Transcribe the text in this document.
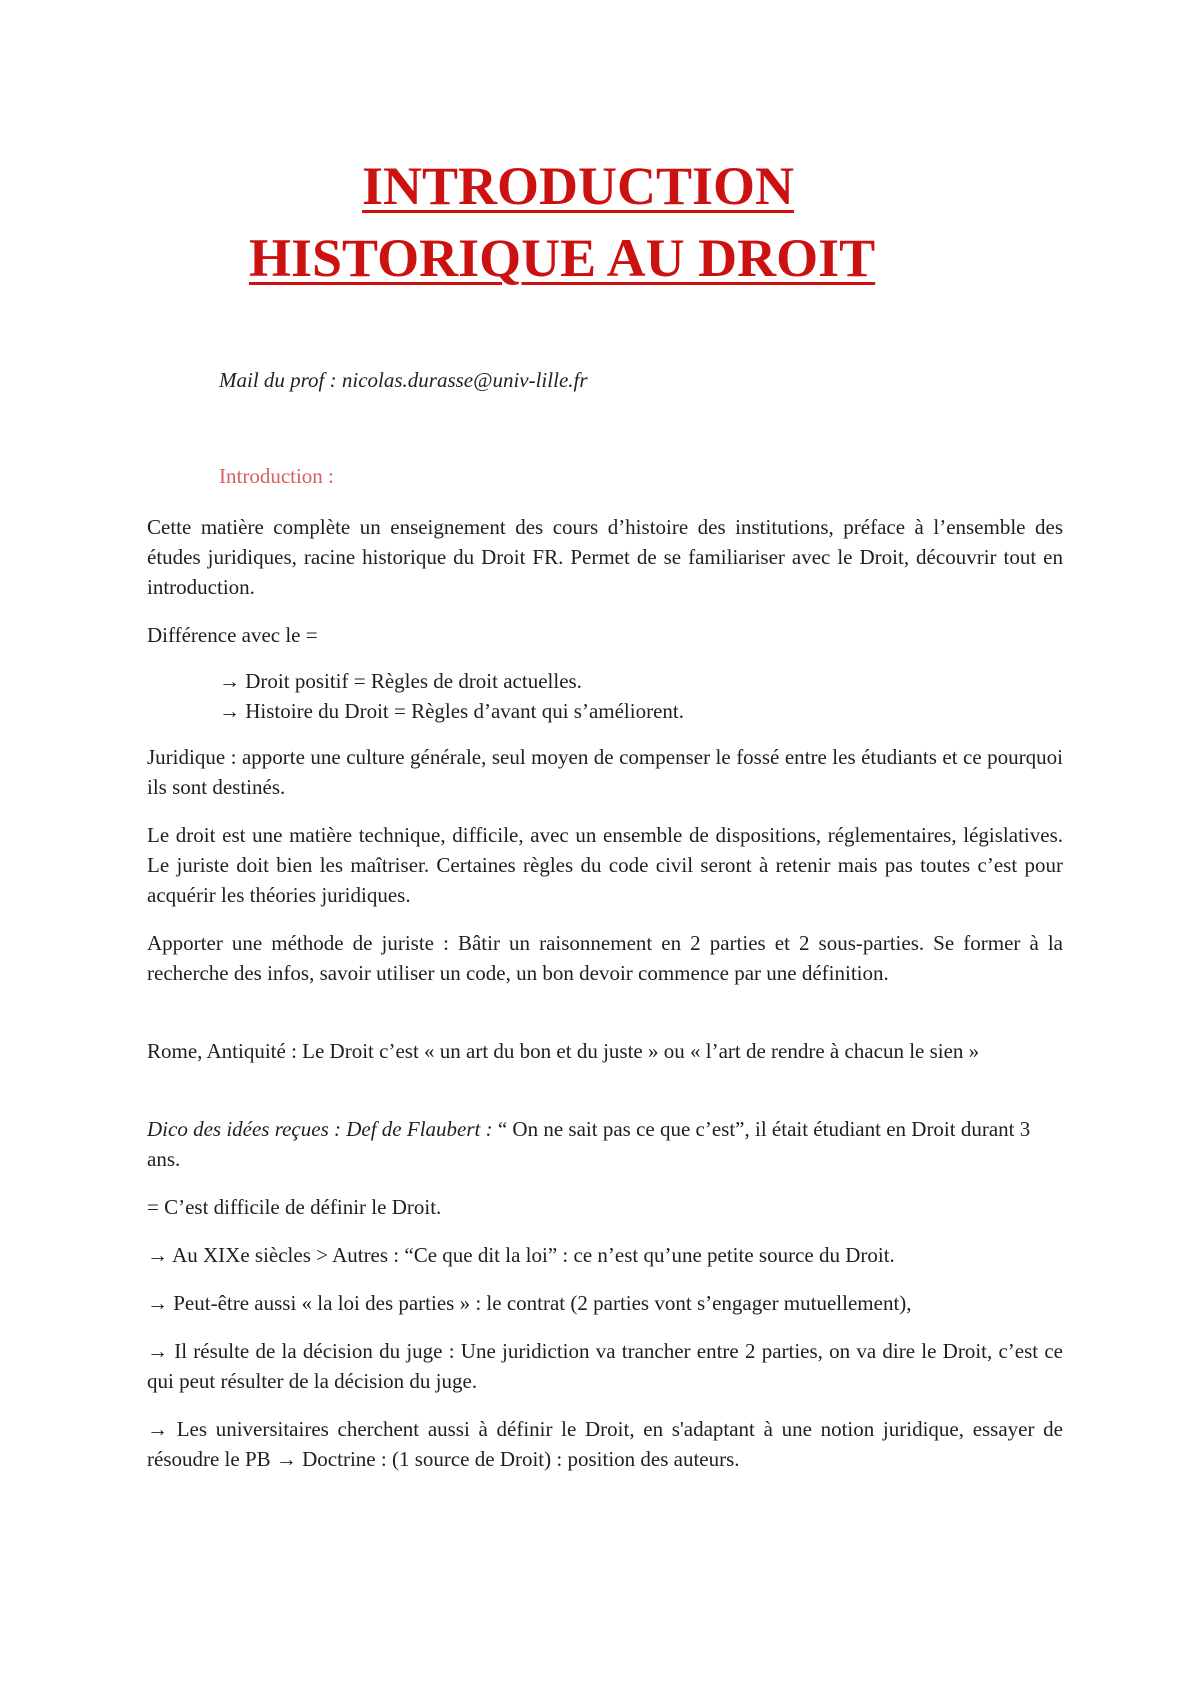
INTRODUCTION
HISTORIQUE AU DROIT
Mail du prof : nicolas.durasse@univ-lille.fr
Introduction :

Cette matière complète un enseignement des cours d’histoire des institutions, préface à l’ensemble des études juridiques, racine historique du Droit FR. Permet de se familiariser avec le Droit, découvrir tout en introduction.

Différence avec le =

→ Droit positif = Règles de droit actuelles.

→ Histoire du Droit = Règles d’avant qui s’améliorent.

Juridique : apporte une culture générale, seul moyen de compenser le fossé entre les étudiants et ce pourquoi ils sont destinés.

Le droit est une matière technique, difficile, avec un ensemble de dispositions, réglementaires, législatives. Le juriste doit bien les maîtriser. Certaines règles du code civil seront à retenir mais pas toutes c’est pour acquérir les théories juridiques.

Apporter une méthode de juriste : Bâtir un raisonnement en 2 parties et 2 sous-parties. Se former à la recherche des infos, savoir utiliser un code, un bon devoir commence par une définition.

Rome, Antiquité : Le Droit c’est « un art du bon et du juste » ou « l’art de rendre à chacun le sien »

Dico des idées reçues : Def de Flaubert : “ On ne sait pas ce que c’est”, il était étudiant en Droit durant 3 ans.

= C’est difficile de définir le Droit.

→ Au XIXe siècles > Autres : “Ce que dit la loi” : ce n’est qu’une petite source du Droit.

→ Peut-être aussi « la loi des parties » : le contrat (2 parties vont s’engager mutuellement),

→ Il résulte de la décision du juge : Une juridiction va trancher entre 2 parties, on va dire le Droit, c’est ce qui peut résulter de la décision du juge.

→ Les universitaires cherchent aussi à définir le Droit, en s'adaptant à une notion juridique, essayer de résoudre le PB → Doctrine : (1 source de Droit) : position des auteurs.
